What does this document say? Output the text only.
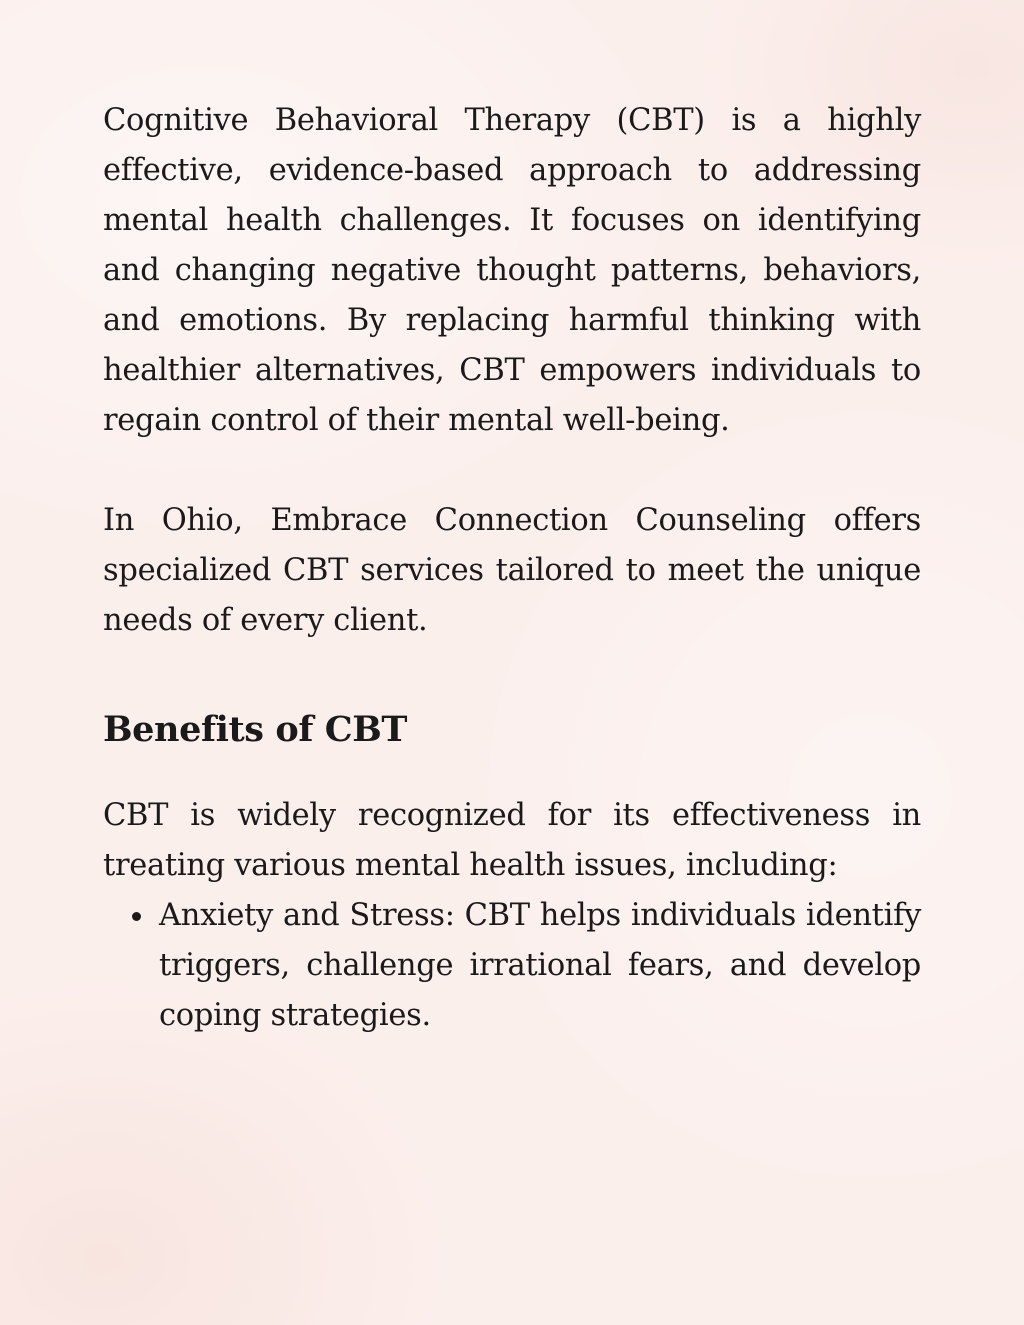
Cognitive Behavioral Therapy (CBT) is a highly effective, evidence-based approach to addressing mental health challenges. It focuses on identifying and changing negative thought patterns, behaviors, and emotions. By replacing harmful thinking with healthier alternatives, CBT empowers individuals to regain control of their mental well-being.

In Ohio, Embrace Connection Counseling offers specialized CBT services tailored to meet the unique needs of every client.

Benefits of CBT

CBT is widely recognized for its effectiveness in treating various mental health issues, including:

Anxiety and Stress: CBT helps individuals identify triggers, challenge irrational fears, and develop coping strategies.
